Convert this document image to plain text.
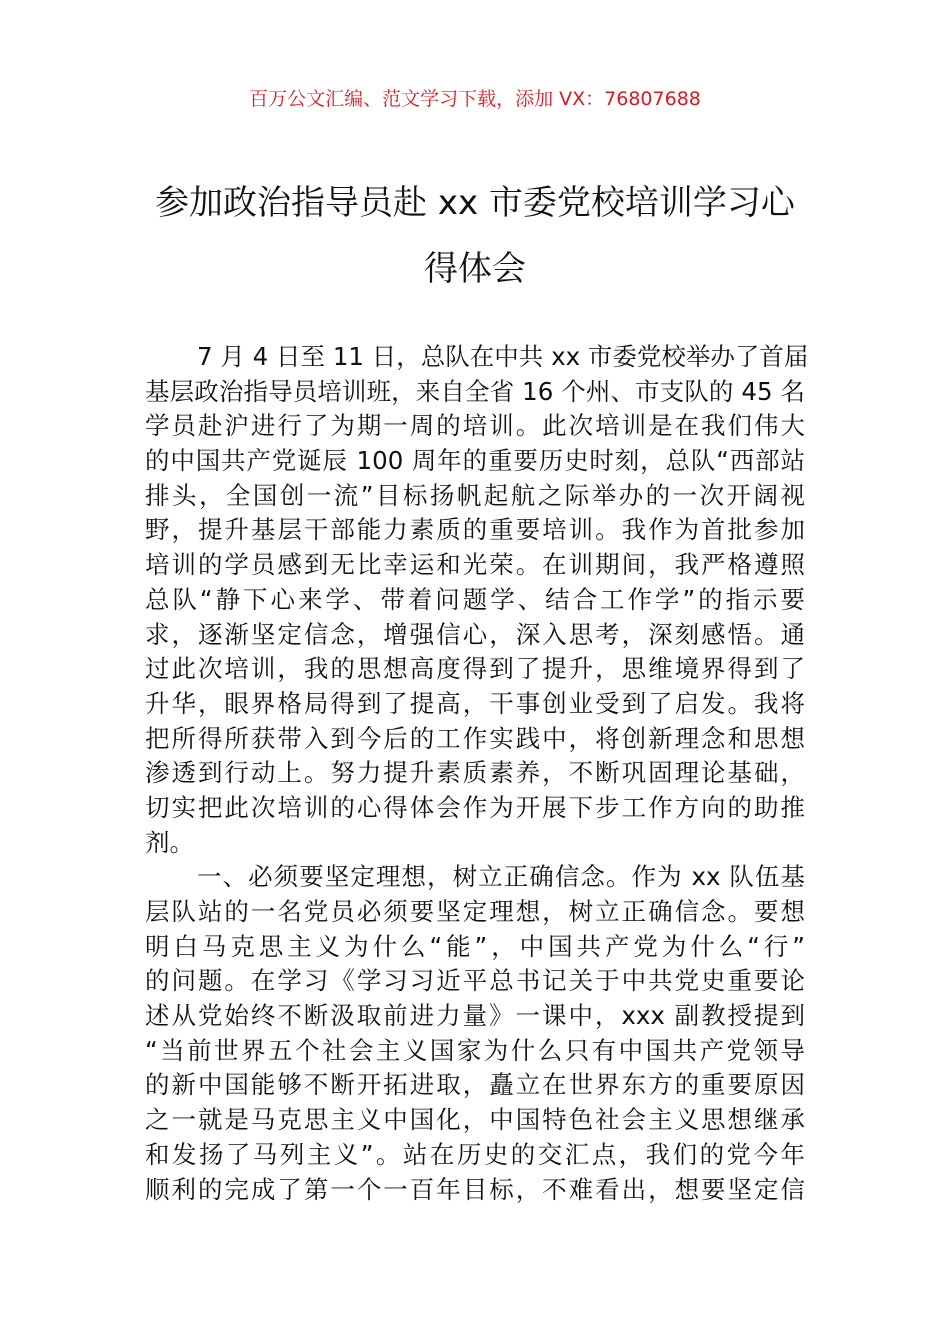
百万公文汇编、范文学习下载，添加 VX：76807688
参加政治指导员赴 xx 市委党校培训学习心
得体会
7 月 4 日至 11 日，总队在中共 xx 市委党校举办了首届
基层政治指导员培训班，来自全省 16 个州、市支队的 45 名
学员赴沪进行了为期一周的培训。此次培训是在我们伟大
的中国共产党诞辰 100 周年的重要历史时刻，总队“西部站
排头，全国创一流”目标扬帆起航之际举办的一次开阔视
野，提升基层干部能力素质的重要培训。我作为首批参加
培训的学员感到无比幸运和光荣。在训期间，我严格遵照
总队“静下心来学、带着问题学、结合工作学”的指示要
求，逐渐坚定信念，增强信心，深入思考，深刻感悟。通
过此次培训，我的思想高度得到了提升，思维境界得到了
升华，眼界格局得到了提高，干事创业受到了启发。我将
把所得所获带入到今后的工作实践中，将创新理念和思想
渗透到行动上。努力提升素质素养，不断巩固理论基础，
切实把此次培训的心得体会作为开展下步工作方向的助推
剂。
一、必须要坚定理想，树立正确信念。作为 xx 队伍基
层队站的一名党员必须要坚定理想，树立正确信念。要想
明白马克思主义为什么“能”，中国共产党为什么“行”
的问题。在学习《学习习近平总书记关于中共党史重要论
述从党始终不断汲取前进力量》一课中，xxx 副教授提到
“当前世界五个社会主义国家为什么只有中国共产党领导
的新中国能够不断开拓进取，矗立在世界东方的重要原因
之一就是马克思主义中国化，中国特色社会主义思想继承
和发扬了马列主义”。站在历史的交汇点，我们的党今年
顺利的完成了第一个一百年目标，不难看出，想要坚定信
